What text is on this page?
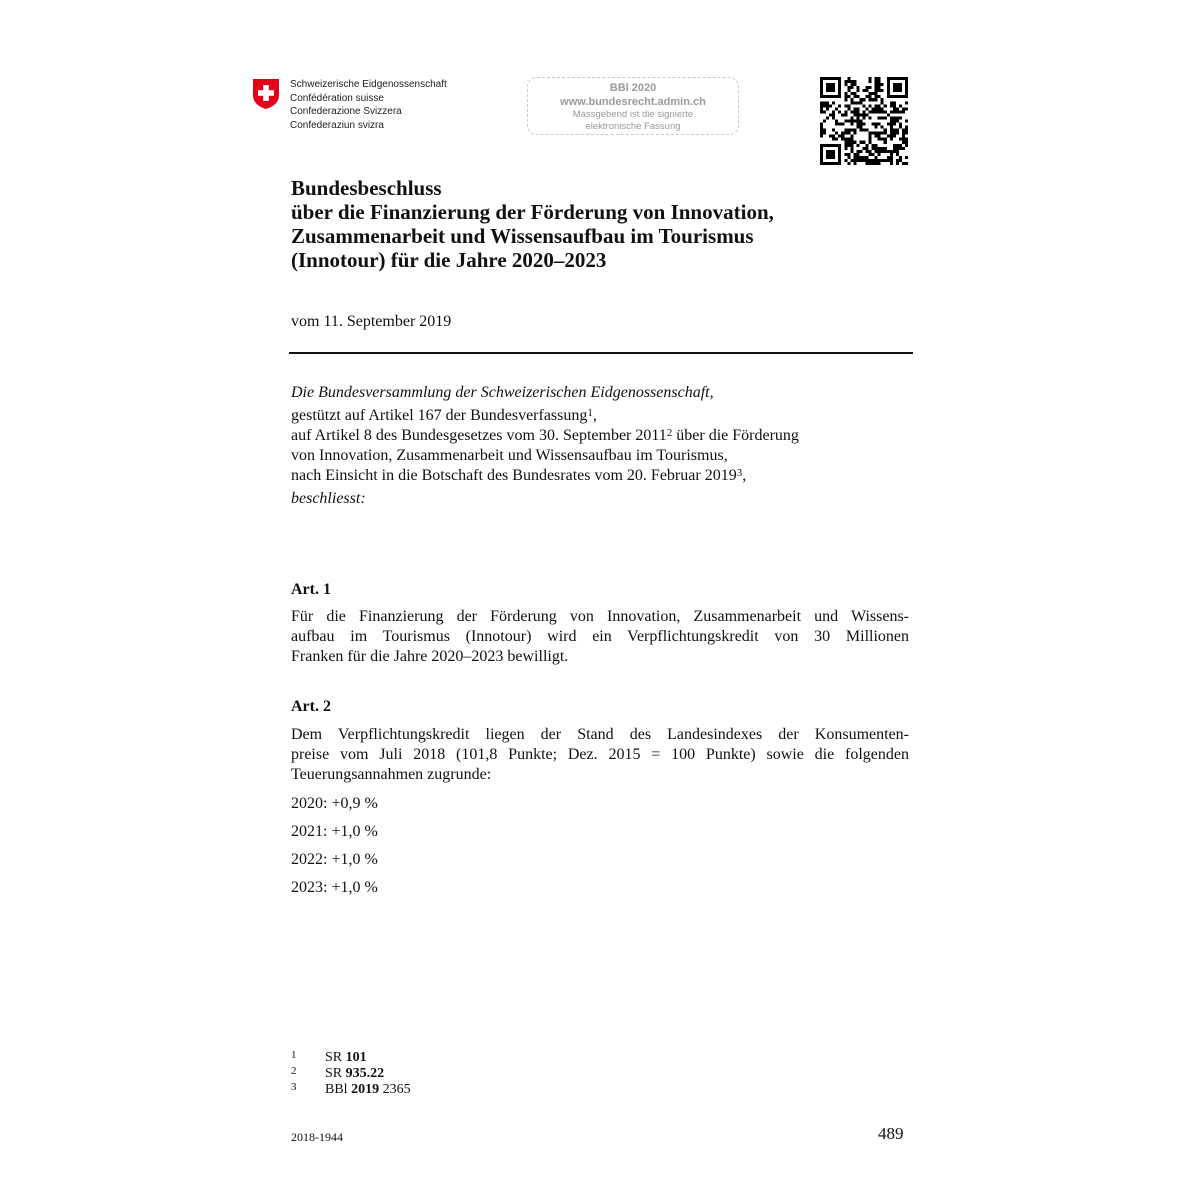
Schweizerische Eidgenossenschaft
Confédération suisse
Confederazione Svizzera
Confederaziun svizra
BBl 2020
www.bundesrecht.admin.ch
Massgebend ist die signierte
elektronische Fassung
Bundesbeschluss
über die Finanzierung der Förderung von Innovation,
Zusammenarbeit und Wissensaufbau im Tourismus
(Innotour) für die Jahre 2020–2023
vom 11. September 2019
Die Bundesversammlung der Schweizerischen Eidgenossenschaft,
gestützt auf Artikel 167 der Bundesverfassung$^1$,
auf Artikel 8 des Bundesgesetzes vom 30. September 2011$^2$ über die Förderung
von Innovation, Zusammenarbeit und Wissensaufbau im Tourismus,
nach Einsicht in die Botschaft des Bundesrates vom 20. Februar 2019$^3$,
beschliesst:
Art. 1
Für die Finanzierung der Förderung von Innovation, Zusammenarbeit und Wissens-
aufbau im Tourismus (Innotour) wird ein Verpflichtungskredit von 30 Millionen
Franken für die Jahre 2020–2023 bewilligt.
Art. 2
Dem Verpflichtungskredit liegen der Stand des Landesindexes der Konsumenten-
preise vom Juli 2018 (101,8 Punkte; Dez. 2015 = 100 Punkte) sowie die folgenden
Teuerungsannahmen zugrunde:
2020: +0,9 %
2021: +1,0 %
2022: +1,0 %
2023: +1,0 %
1 SR 101
2 SR 935.22
3 BBl 2019 2365
2018-1944	489
